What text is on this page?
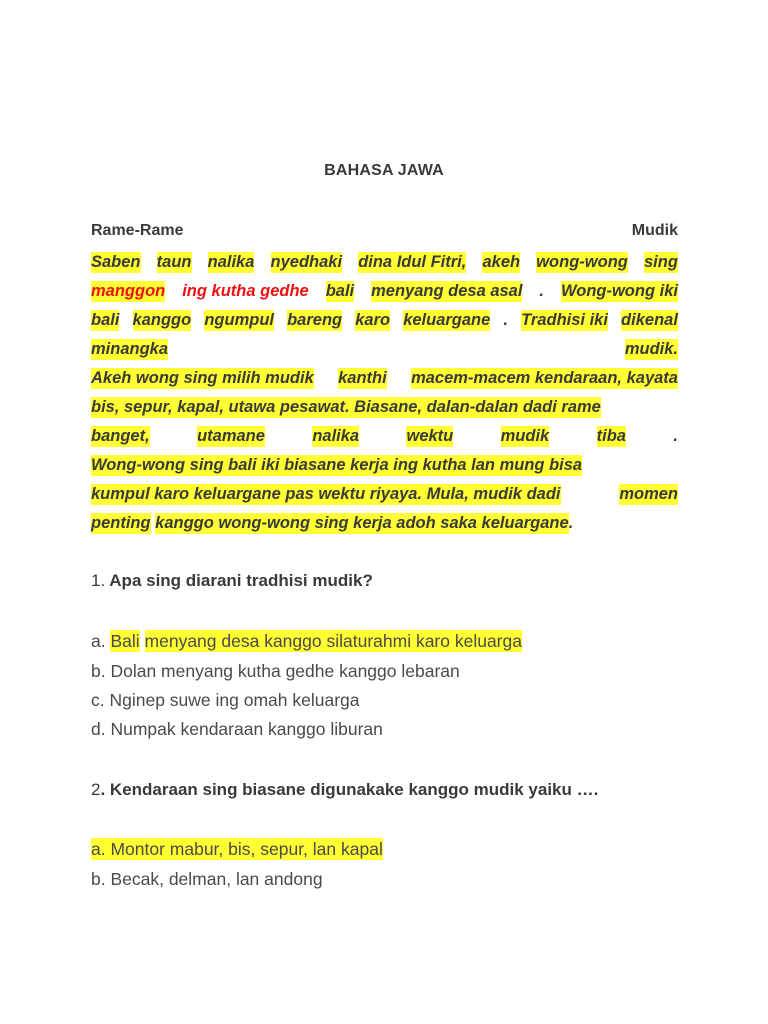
BAHASA JAWA
Rame-Rame	Mudik
Saben taun nalika nyedhaki dina Idul Fitri, akeh wong-wong sing
manggon ing kutha gedhe bali menyang desa asal . Wong-wong iki
bali kanggo ngumpul bareng karo keluargane . Tradhisi iki dikenal
minangka	mudik.
Akeh wong sing milih mudik kanthi macem-macem kendaraan, kayata
bis, sepur, kapal, utawa pesawat. Biasane, dalan-dalan dadi rame
banget,	utamane	nalika	wektu	mudik	tiba	.
Wong-wong sing bali iki biasane kerja ing kutha lan mung bisa
kumpul karo keluargane pas wektu riyaya. Mula, mudik dadi	momen
penting
kanggo wong-wong sing kerja adoh saka keluargane .
1. Apa sing diarani tradhisi mudik?
a. Bali menyang desa kanggo silaturahmi karo keluarga
b. Dolan menyang kutha gedhe kanggo lebaran
c. Nginep suwe ing omah keluarga
d. Numpak kendaraan kanggo liburan
2. Kendaraan sing biasane digunakake kanggo mudik yaiku ….
a. Montor mabur, bis, sepur, lan kapal
b. Becak, delman, lan andong
